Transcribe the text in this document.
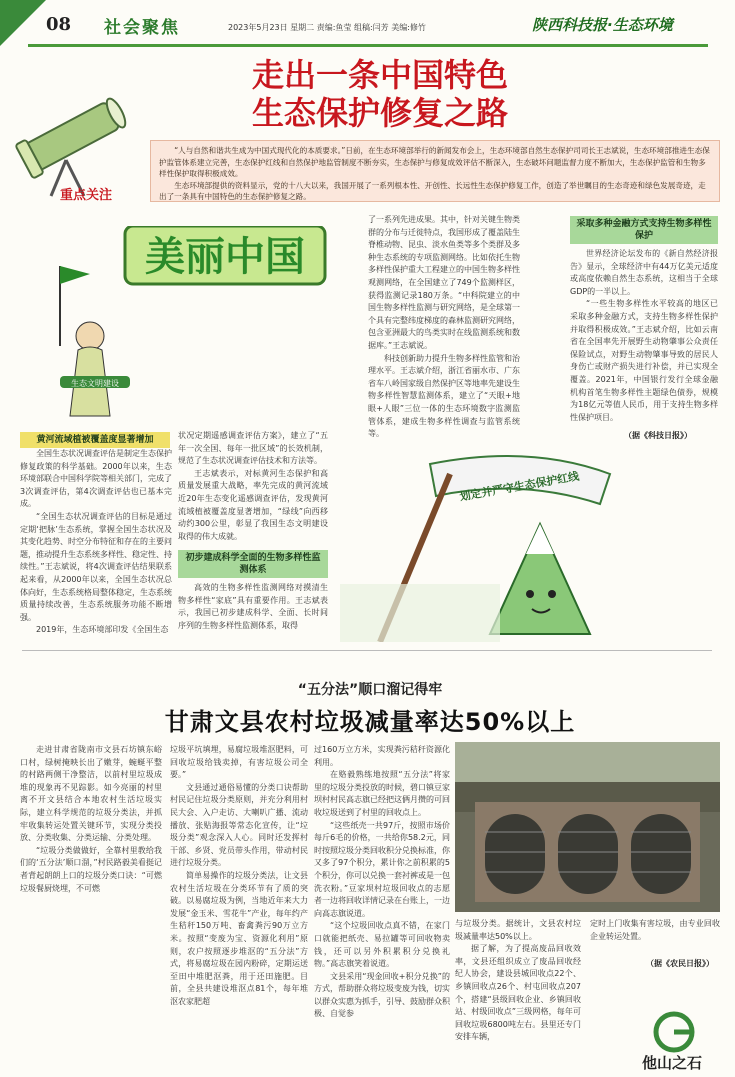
08 社会聚焦	2023年5月23日 星期二 责编:鱼莹 组稿:闫芳 美编:修竹	陕西科技报·生态环境
走出一条中国特色
生态保护修复之路
重点关注

“人与自然和谐共生成为中国式现代化的本质要求。”日前，在生态环境部举行的新闻发布会上，生态环境部自然生态保护司司长王志斌说，生态环境部推进生态保护监管体系建立完善，生态保护红线和自然保护地监管制度不断夯实，生态保护与修复成效评估不断深入，生态破坏问题监督力度不断加大，生态保护监管和生物多样性保护取得积极成效。

生态环境部提供的资料显示，党的十八大以来，我国开展了一系列根本性、开创性、长远性生态保护修复工作，创造了举世瞩目的生态奇迹和绿色发展奇迹，走出了一条具有中国特色的生态保护修复之路。

美丽中国
生态文明建设
黄河流域植被覆盖度显著增加

全国生态状况调查评估是制定生态保护修复政策的科学基础。2000年以来，生态环境部联合中国科学院等相关部门，完成了3次调查评估，第4次调查评估也已基本完成。

“全国生态状况调查评估的目标是通过定期‘把脉’生态系统，掌握全国生态状况及其变化趋势、时空分布特征和存在的主要问题，推动提升生态系统多样性、稳定性、持续性。”王志斌说，将4次调查评估结果联系起来看，从2000年以来，全国生态状况总体向好，生态系统格局整体稳定，生态系统质量持续改善，生态系统服务功能不断增强。

2019年，生态环境部印发《全国生态

状况定期遥感调查评估方案》，建立了“五年一次全国、每年一批区域”的长效机制，规范了生态状况调查评估技术和方法等。

王志斌表示，对标黄河生态保护和高质量发展重大战略，率先完成的黄河流域近20年生态变化遥感调查评估，发现黄河流域植被覆盖度显著增加，“绿线”向西移动约300公里，彰显了我国生态文明建设取得的伟大成就。

初步建成科学全面的生物多样性监测体系

高效的生物多样性监测网络对摸清生物多样性“家底”具有重要作用。王志斌表示，我国已初步建成科学、全面、长时间序列的生物多样性监测体系，取得

了一系列先进成果。其中，针对关键生物类群的分布与迁徙特点，我国形成了覆盖陆生脊椎动物、昆虫、淡水鱼类等多个类群及多种生态系统的专项监测网络。比如依托生物多样性保护重大工程建立的中国生物多样性观测网络，在全国建立了749个监测样区，获得监测记录180万条。“中科院建立的中国生物多样性监测与研究网络，是全球第一个具有完整纬度梯度的森林监测研究网络，包含亚洲最大的鸟类实时在线监测系统和数据库。”王志斌说。

科技创新助力提升生物多样性监管和治理水平。王志斌介绍，浙江省丽水市、广东省车八岭国家级自然保护区等地率先建设生物多样性智慧监测体系，建立了“天眼+地眼+人眼”三位一体的生态环境数字监测监管体系，建成生物多样性调查与监管系统等。

采取多种金融方式支持生物多样性保护

世界经济论坛发布的《新自然经济报告》显示，全球经济中有44万亿美元适度或高度依赖自然生态系统，这相当于全球GDP的一半以上。

“一些生物多样性水平较高的地区已采取多种金融方式，支持生物多样性保护并取得积极成效。”王志斌介绍，比如云南省在全国率先开展野生动物肇事公众责任保险试点，对野生动物肇事导致的居民人身伤亡或财产损失进行补偿，并已实现全覆盖。2021年，中国银行发行全球金融机构首笔生物多样性主题绿色债券，规模为18亿元等值人民币，用于支持生物多样性保护项目。

（据《科技日报》）
划定并严守生态保护红线
“五分法”顺口溜记得牢
甘肃文县农村垃圾减量率达50%以上

走进甘肃省陇南市文县石坊镇东峪口村，绿树掩映长出了嫩芽，蜿蜒平整的村路两侧干净整洁，以前村里垃圾成堆的现象再不见踪影。如今亮丽的村里离不开文县结合本地农村生活垃圾实际，建立科学规范的垃圾分类法，并抓牢收集转运处置关键环节，实现分类投放、分类收集、分类运输、分类处理。

“垃圾分类做做好，全靠村里教给我们的‘五分法’顺口溜，”村民路毅美看挺记者背起朗朗上口的垃圾分类口诀：“可燃垃圾餐厨烧埋，不可燃

垃圾平坑填埋，易腐垃圾堆沤肥料，可回收垃圾给钱卖掉，有害垃圾公司全要。”

文县通过通俗易懂的分类口诀帮助村民记住垃圾分类原则，并充分利用村民大会、入户走访、大喇叭广播、流动播放、张贴海报等常态化宣传，让“垃圾分类”观念深入人心。同时还发挥村干部、乡贤、党员带头作用，带动村民进行垃圾分类。

简单易操作的垃圾分类法，让文县农村生活垃圾在分类环节有了质的突破。以易腐垃圾为例，当地近年来大力发展“金玉米、雪花牛”产业，每年约产生秸秆150万吨、畜禽粪污90万立方米。按照“变废为宝、资源化利用”原则，农户按照逐步堆沤的“五分法”方式，将易腐垃圾在园内粉碎，定期运送至田中堆肥沤粪，用于还田施肥。目前，全县共建设堆沤点81个，每年堆沤农家肥超

过160万立方米，实现粪污秸秆资源化利用。

在赂毅熟练地按照“五分法”将家里的垃圾分类投放的时候，碧口镇豆家坝村村民高志旗已经把这俩月攒的可回收垃圾送到了村里的回收点上。

“这些纸壳一共97斤，按照市场价每斤6毛的价格，一共给你58.2元，同时按照垃圾分类回收积分兑换标准，你又多了97个积分，累计你之前积累的5个积分，你可以兑换一套衬裤或是一包洗衣粉。”豆家坝村垃圾回收点的志愿者一边将回收详情记录在台账上，一边向高志旗说道。

“这个垃圾回收点真不错，在家门口就能把纸壳、易拉罐等可回收物卖钱，还可以另外积累积分兑换礼物。”高志旗笑着说道。

文县采用“现金回收+积分兑换”的方式，帮助群众将垃圾变废为钱，切实以群众实惠为抓手，引导、鼓励群众积极、自觉参

与垃圾分类。据统计，文县农村垃圾减量率达50%以上。

据了解，为了提高废品回收效率，文县还组织成立了废品回收经纪人协会，建设县城回收点22个、乡镇回收点26个、村屯回收点207个，搭建“县级回收企业、乡镇回收站、村级回收点”三级网格，每年可回收垃圾6800吨左右。县里还专门安排车辆，

定时上门收集有害垃圾，由专业回收企业转运处置。

（据《农民日报》）
他山之石
